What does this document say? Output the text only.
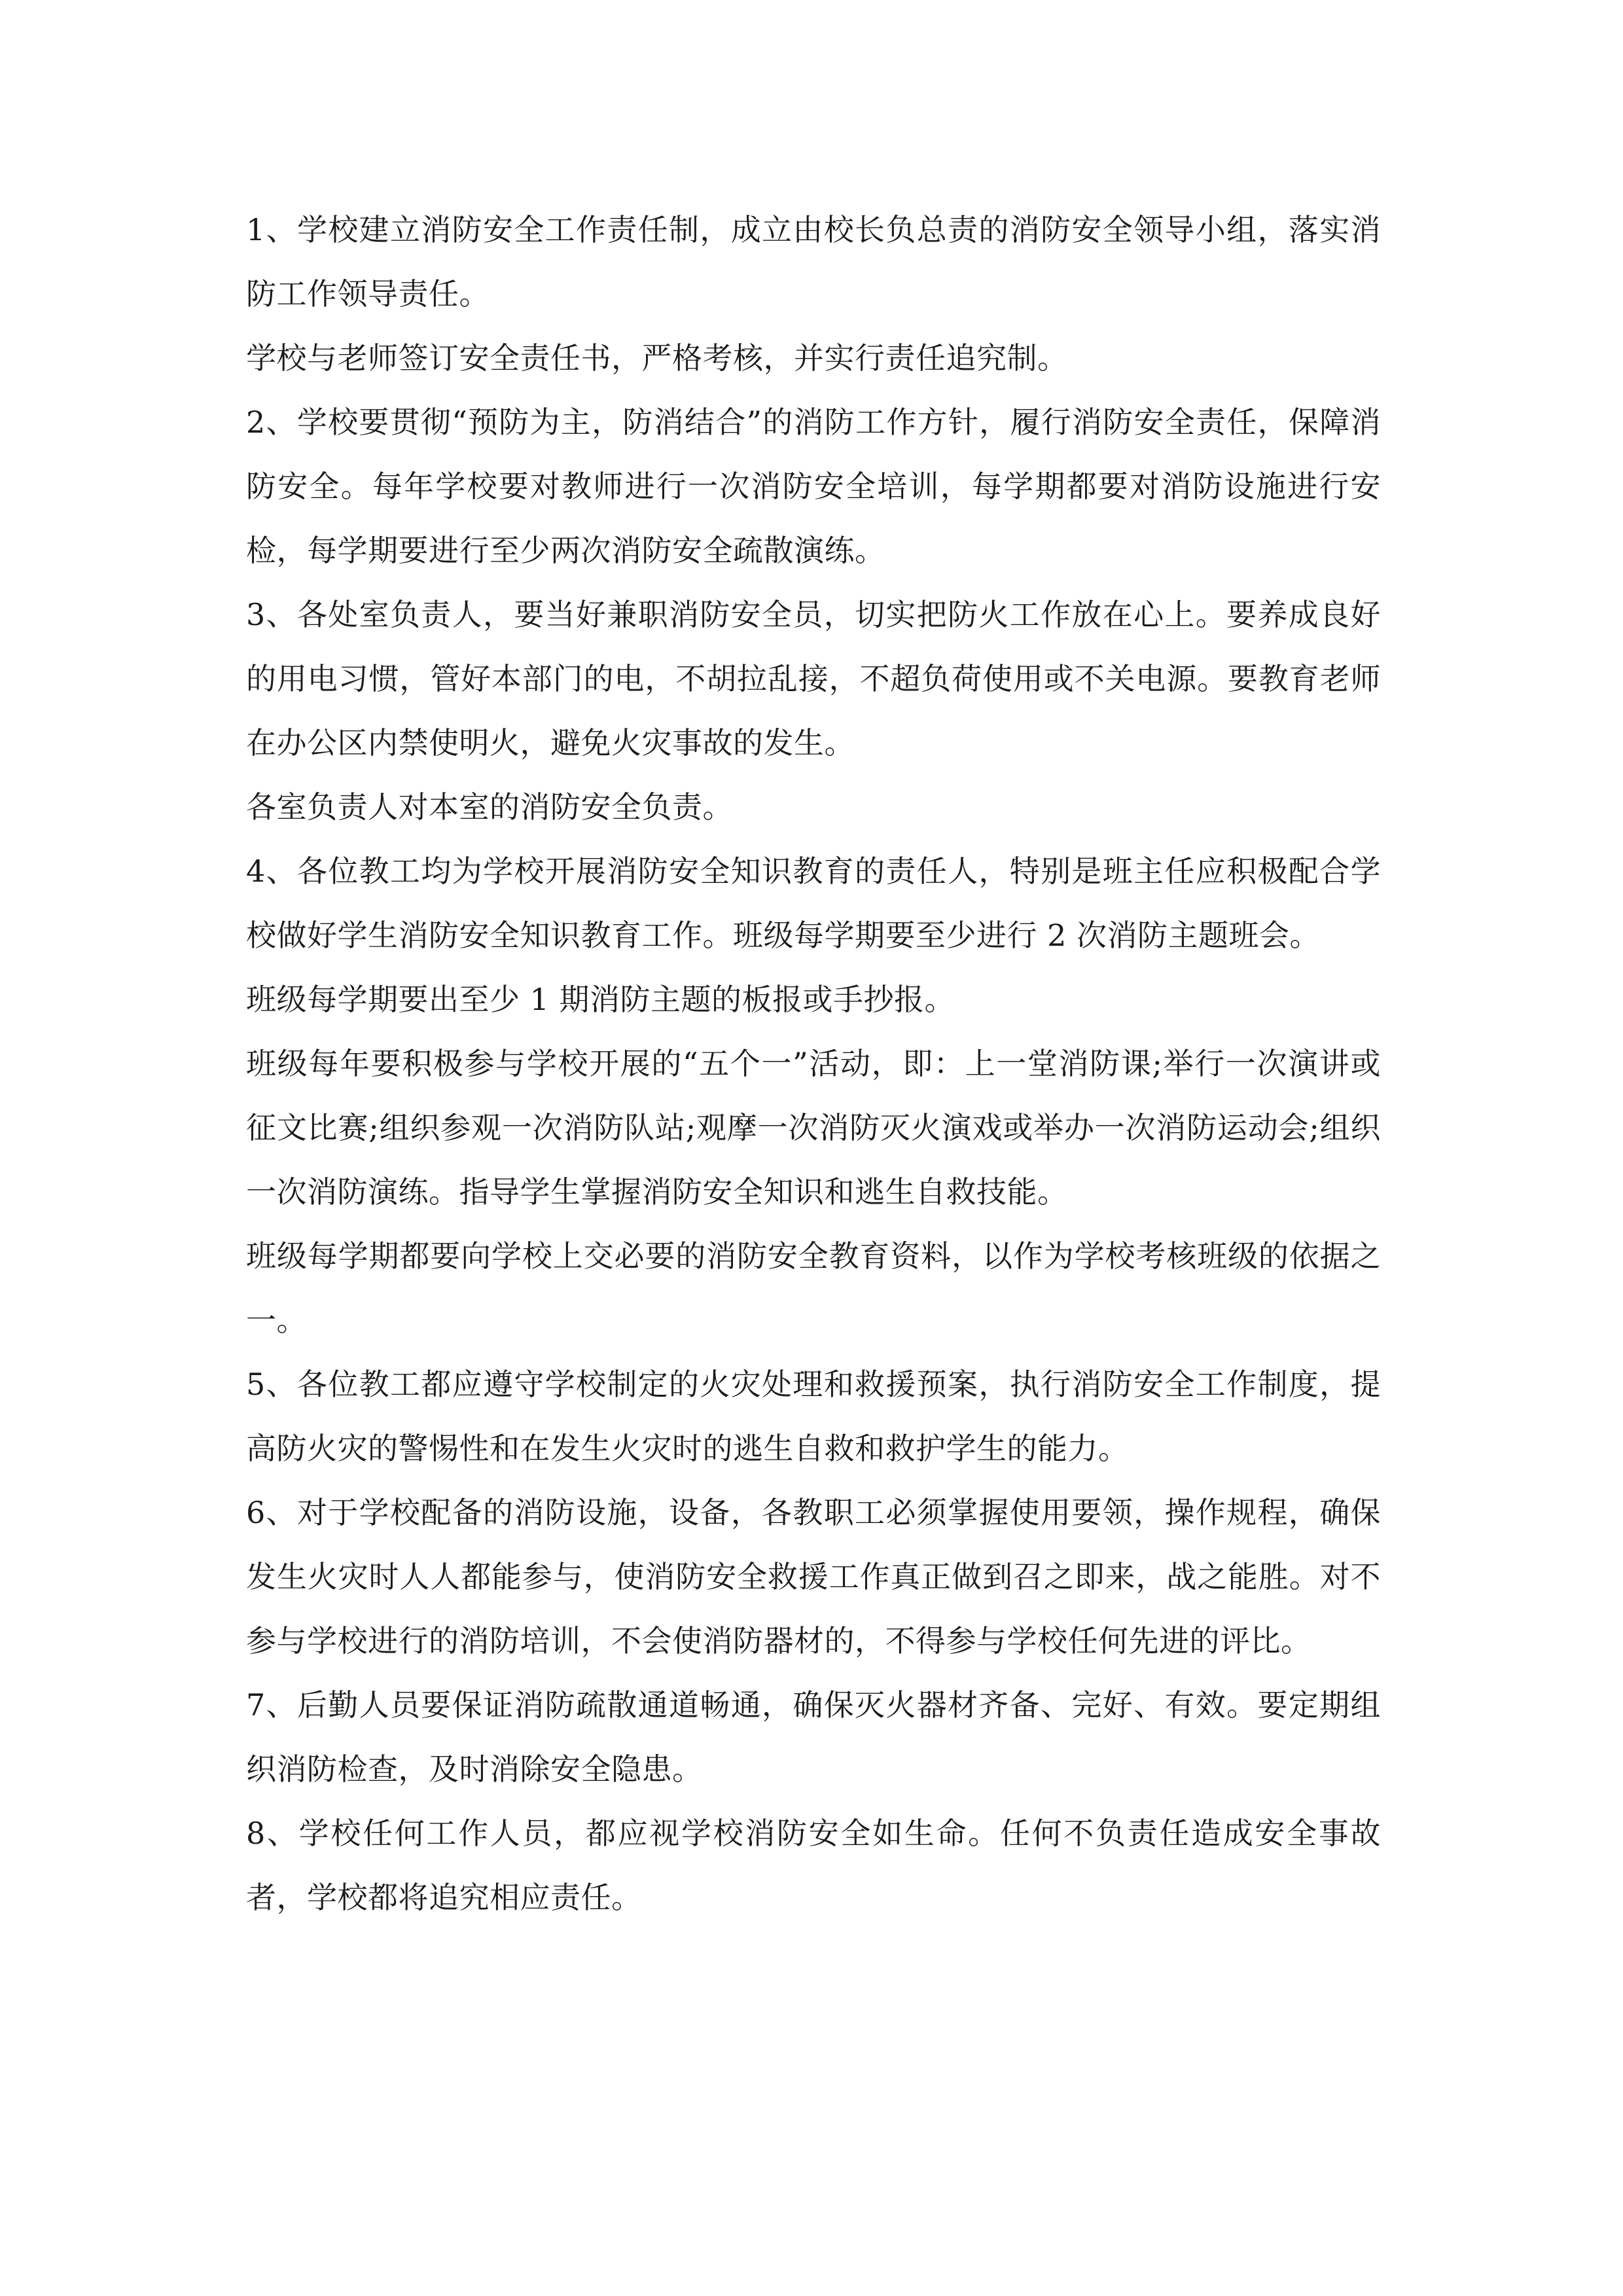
1、学校建立消防安全工作责任制，成立由校长负总责的消防安全领导小组，落实消防工作领导责任。

学校与老师签订安全责任书，严格考核，并实行责任追究制。

2、学校要贯彻“预防为主，防消结合”的消防工作方针，履行消防安全责任，保障消防安全。每年学校要对教师进行一次消防安全培训，每学期都要对消防设施进行安检，每学期要进行至少两次消防安全疏散演练。

3、各处室负责人，要当好兼职消防安全员，切实把防火工作放在心上。要养成良好的用电习惯，管好本部门的电，不胡拉乱接，不超负荷使用或不关电源。要教育老师在办公区内禁使明火，避免火灾事故的发生。

各室负责人对本室的消防安全负责。

4、各位教工均为学校开展消防安全知识教育的责任人，特别是班主任应积极配合学校做好学生消防安全知识教育工作。班级每学期要至少进行 2 次消防主题班会。

班级每学期要出至少 1 期消防主题的板报或手抄报。

班级每年要积极参与学校开展的“五个一”活动，即：上一堂消防课;举行一次演讲或征文比赛;组织参观一次消防队站;观摩一次消防灭火演戏或举办一次消防运动会;组织一次消防演练。指导学生掌握消防安全知识和逃生自救技能。

班级每学期都要向学校上交必要的消防安全教育资料，以作为学校考核班级的依据之一。

5、各位教工都应遵守学校制定的火灾处理和救援预案，执行消防安全工作制度，提高防火灾的警惕性和在发生火灾时的逃生自救和救护学生的能力。

6、对于学校配备的消防设施，设备，各教职工必须掌握使用要领，操作规程，确保发生火灾时人人都能参与，使消防安全救援工作真正做到召之即来，战之能胜。对不参与学校进行的消防培训，不会使消防器材的，不得参与学校任何先进的评比。

7、后勤人员要保证消防疏散通道畅通，确保灭火器材齐备、完好、有效。要定期组织消防检查，及时消除安全隐患。

8、学校任何工作人员，都应视学校消防安全如生命。任何不负责任造成安全事故者，学校都将追究相应责任。
